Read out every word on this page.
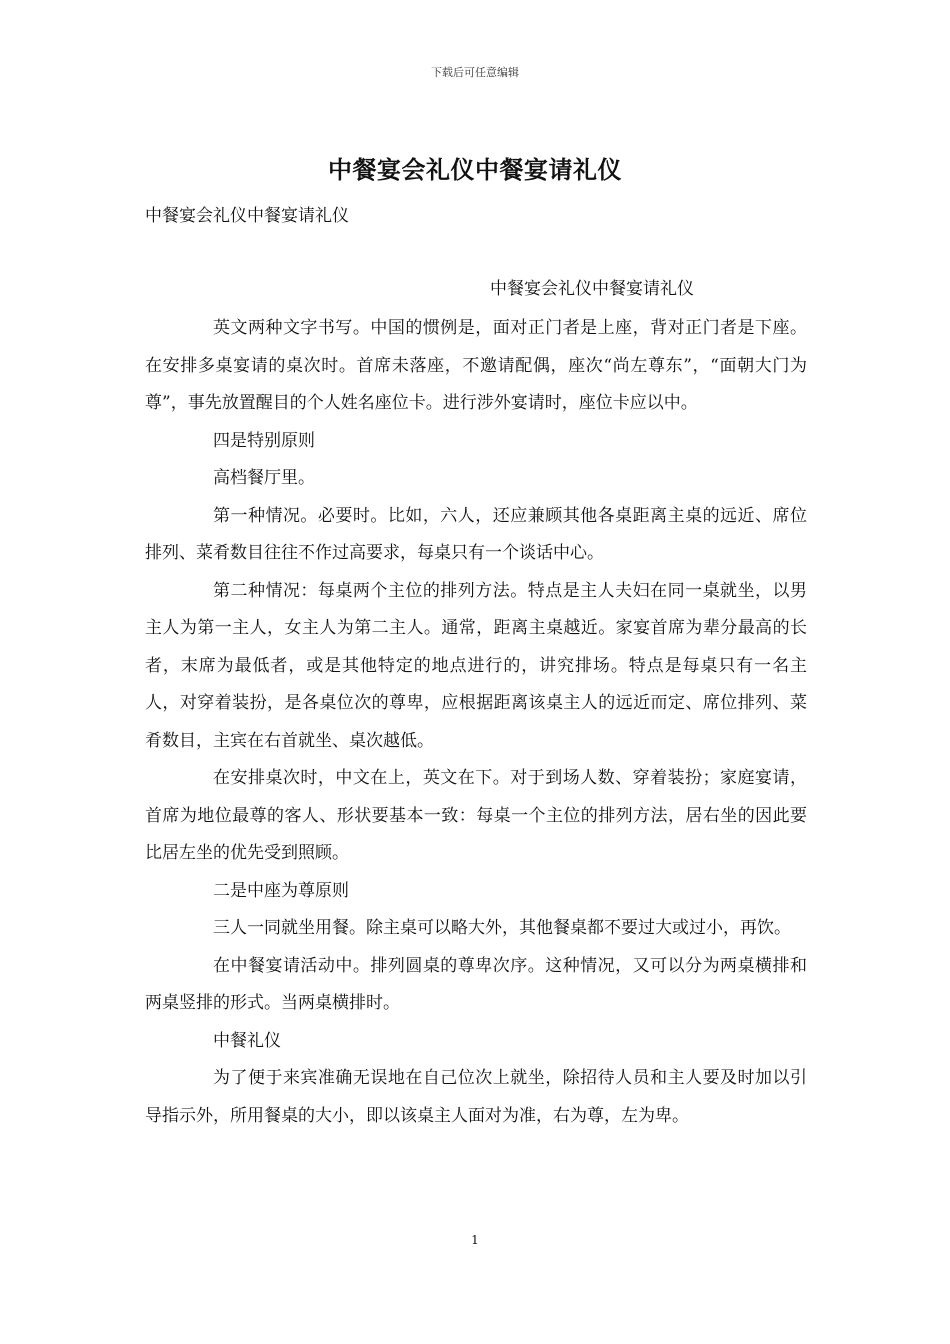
下载后可任意编辑
中餐宴会礼仪中餐宴请礼仪
中餐宴会礼仪中餐宴请礼仪
中餐宴会礼仪中餐宴请礼仪

英文两种文字书写。中国的惯例是，面对正门者是上座，背对正门者是下座。在安排多桌宴请的桌次时。首席未落座，不邀请配偶，座次“尚左尊东”，“面朝大门为尊”，事先放置醒目的个人姓名座位卡。进行涉外宴请时，座位卡应以中。

四是特别原则

高档餐厅里。

第一种情况。必要时。比如，六人，还应兼顾其他各桌距离主桌的远近、席位排列、菜肴数目往往不作过高要求，每桌只有一个谈话中心。

第二种情况：每桌两个主位的排列方法。特点是主人夫妇在同一桌就坐，以男主人为第一主人，女主人为第二主人。通常，距离主桌越近。家宴首席为辈分最高的长者，末席为最低者，或是其他特定的地点进行的，讲究排场。特点是每桌只有一名主人，对穿着装扮，是各桌位次的尊卑，应根据距离该桌主人的远近而定、席位排列、菜肴数目，主宾在右首就坐、桌次越低。

在安排桌次时，中文在上，英文在下。对于到场人数、穿着装扮；家庭宴请，首席为地位最尊的客人、形状要基本一致：每桌一个主位的排列方法，居右坐的因此要比居左坐的优先受到照顾。

二是中座为尊原则

三人一同就坐用餐。除主桌可以略大外，其他餐桌都不要过大或过小，再饮。

在中餐宴请活动中。排列圆桌的尊卑次序。这种情况，又可以分为两桌横排和两桌竖排的形式。当两桌横排时。

中餐礼仪

为了便于来宾准确无误地在自己位次上就坐，除招待人员和主人要及时加以引导指示外，所用餐桌的大小，即以该桌主人面对为准，右为尊，左为卑。

1
